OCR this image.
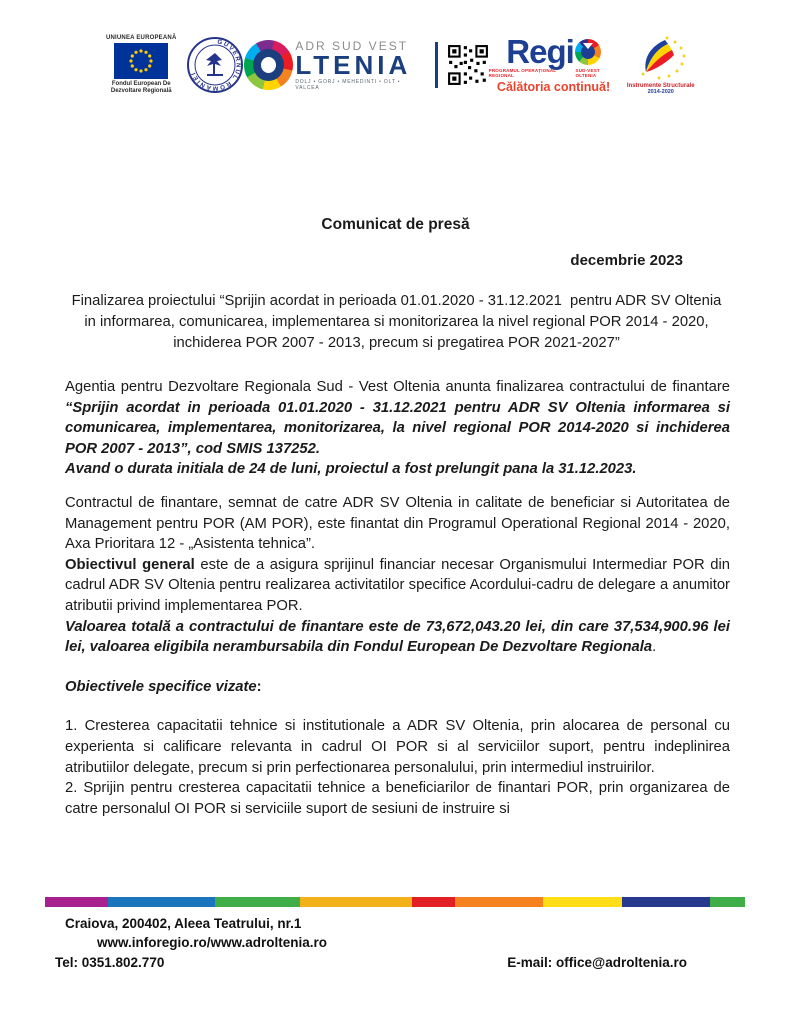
UNIUNEA EUROPEANĂ
Fondul European De
Dezvoltare Regională
GUVERNUL ROMÂNIEI
ADR SUD VEST
LTENIA
DOLJ • GORJ • MEHEDINTI • OLT • VALCEA
Regi
PROGRAMUL OPERAȚIONAL REGIONAL
SUD-VEST OLTENIA
Călătoria continuă!	Instrumente Structurale
2014-2020
Comunicat de presă
decembrie 2023
Finalizarea proiectului “Sprijin acordat in perioada 01.01.2020 - 31.12.2021  pentru ADR SV Oltenia in informarea, comunicarea, implementarea si monitorizarea la nivel regional POR 2014 - 2020, inchiderea POR 2007 - 2013, precum si pregatirea POR 2021-2027”

Agentia pentru Dezvoltare Regionala Sud - Vest Oltenia anunta finalizarea contractului de finantare “Sprijin acordat in perioada 01.01.2020 - 31.12.2021 pentru ADR SV Oltenia informarea si comunicarea, implementarea, monitorizarea, la nivel regional POR 2014-2020 si inchiderea POR 2007 - 2013”, cod SMIS 137252.

Avand o durata initiala de 24 de luni, proiectul a fost prelungit pana la 31.12.2023.

Contractul de finantare, semnat de catre ADR SV Oltenia in calitate de beneficiar si Autoritatea de Management pentru POR (AM POR), este finantat din Programul Operational Regional 2014 - 2020, Axa Prioritara 12 - „Asistenta tehnica”.

Obiectivul general este de a asigura sprijinul financiar necesar Organismului Intermediar POR din cadrul ADR SV Oltenia pentru realizarea activitatilor specifice Acordului-cadru de delegare a anumitor atributii privind implementarea POR.

Valoarea totală a contractului de finantare este de 73,672,043.20 lei, din care 37,534,900.96 lei lei, valoarea eligibila nerambursabila din Fondul European De Dezvoltare Regionala.

Obiectivele specifice vizate:

1. Cresterea capacitatii tehnice si institutionale a ADR SV Oltenia, prin alocarea de personal cu experienta si calificare relevanta in cadrul OI POR si al serviciilor suport, pentru indeplinirea atributiilor delegate, precum si prin perfectionarea personalului, prin intermediul instruirilor.

2. Sprijin pentru cresterea capacitatii tehnice a beneficiarilor de finantari POR, prin organizarea de catre personalul OI POR si serviciile suport de sesiuni de instruire si

Craiova, 200402, Aleea Teatrului, nr.1
www.inforegio.ro/www.adroltenia.ro
Tel: 0351.802.770	E-mail: office@adroltenia.ro
